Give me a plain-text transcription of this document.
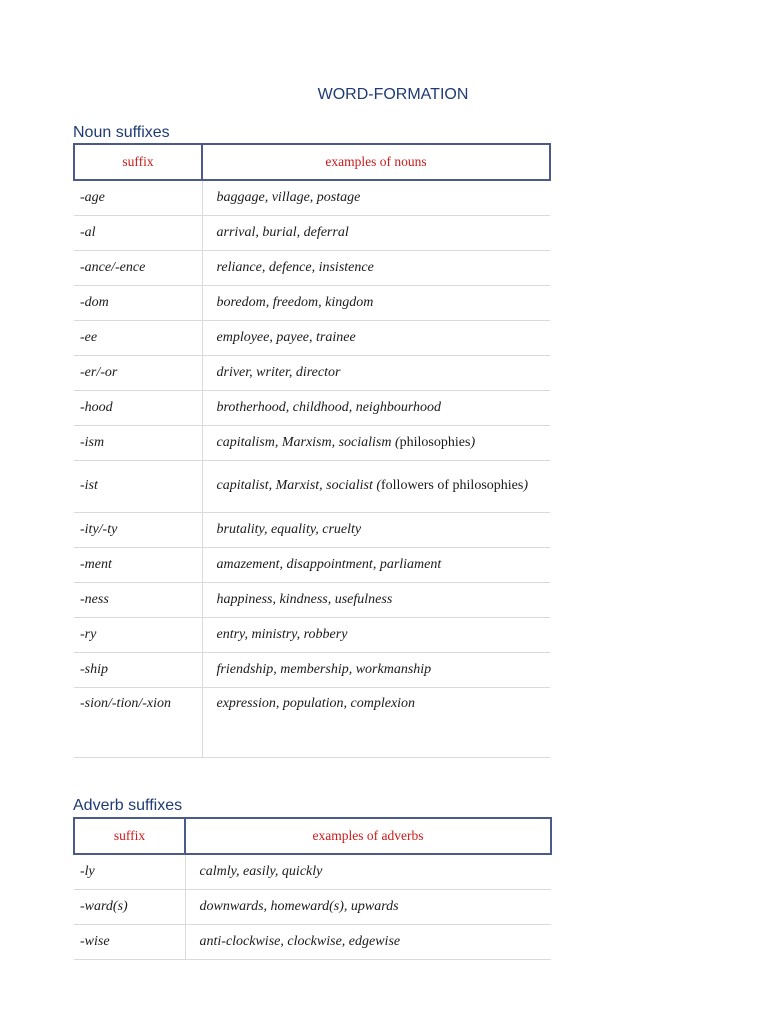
WORD-FORMATION
Noun suffixes
suffix	examples of nouns
-age	baggage, village, postage
-al	arrival, burial, deferral
-ance/-ence	reliance, defence, insistence
-dom	boredom, freedom, kingdom
-ee	employee, payee, trainee
-er/-or	driver, writer, director
-hood	brotherhood, childhood, neighbourhood
-ism	capitalism, Marxism, socialism (philosophies)
-ist	capitalist, Marxist, socialist (followers of philosophies)
-ity/-ty	brutality, equality, cruelty
-ment	amazement, disappointment, parliament
-ness	happiness, kindness, usefulness
-ry	entry, ministry, robbery
-ship	friendship, membership, workmanship
-sion/-tion/-xion	expression, population, complexion
Adverb suffixes
suffix	examples of adverbs
-ly	calmly, easily, quickly
-ward(s)	downwards, homeward(s), upwards
-wise	anti-clockwise, clockwise, edgewise
